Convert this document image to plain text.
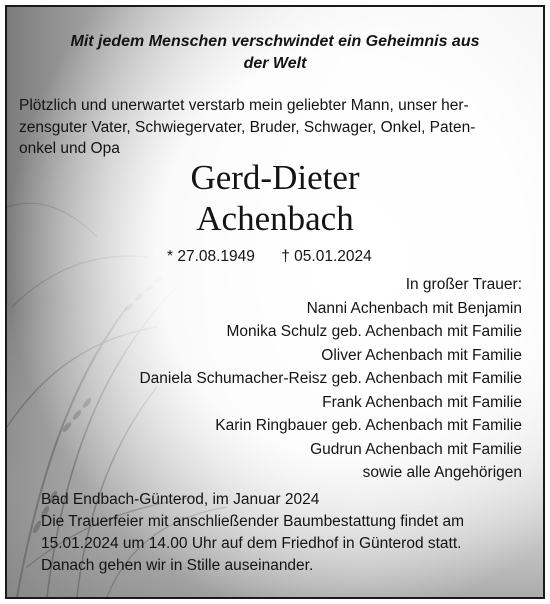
Mit jedem Menschen verschwindet ein Geheimnis aus
der Welt
Plötzlich und unerwartet verstarb mein geliebter Mann, unser her-
zensguter Vater, Schwiegervater, Bruder, Schwager, Onkel, Paten-
onkel und Opa
Gerd-Dieter
Achenbach
* 27.08.1949 † 05.01.2024
In großer Trauer:
Nanni Achenbach mit Benjamin
Monika Schulz geb. Achenbach mit Familie
Oliver Achenbach mit Familie
Daniela Schumacher-Reisz geb. Achenbach mit Familie
Frank Achenbach mit Familie
Karin Ringbauer geb. Achenbach mit Familie
Gudrun Achenbach mit Familie
sowie alle Angehörigen
Bad Endbach-Günterod, im Januar 2024
Die Trauerfeier mit anschließender Baumbestattung findet am
15.01.2024 um 14.00 Uhr auf dem Friedhof in Günterod statt.
Danach gehen wir in Stille auseinander.
